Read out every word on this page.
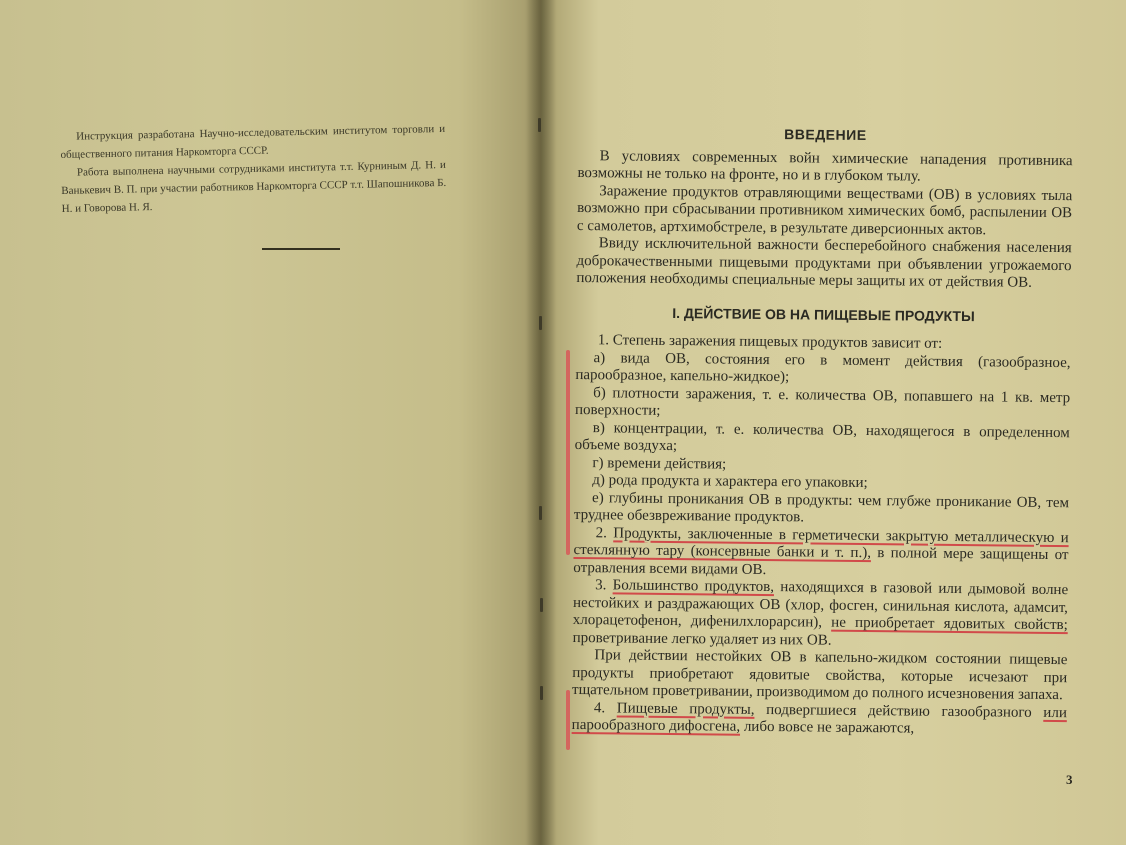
Инструкция разработана Научно-исследовательским институтом торговли и общественного питания Наркомторга СССР.

Работа выполнена научными сотрудниками института т.т. Курниным Д. Н. и Ванькевич В. П. при участии работников Наркомторга СССР т.т. Шапошникова Б. Н. и Говорова Н. Я.

ВВЕДЕНИЕ

В условиях современных войн химические нападения противника возможны не только на фронте, но и в глубоком тылу.

Заражение продуктов отравляющими веществами (ОВ) в условиях тыла возможно при сбрасывании противником химических бомб, распылении ОВ с самолетов, артхимобстреле, в результате диверсионных актов.

Ввиду исключительной важности бесперебойного снабжения населения доброкачественными пищевыми продуктами при объявлении угрожаемого положения необходимы специальные меры защиты их от действия ОВ.

I. ДЕЙСТВИЕ ОВ НА ПИЩЕВЫЕ ПРОДУКТЫ

1. Степень заражения пищевых продуктов зависит от:

а) вида ОВ, состояния его в момент действия (газообразное, парообразное, капельно-жидкое);

б) плотности заражения, т. е. количества ОВ, попавшего на 1 кв. метр поверхности;

в) концентрации, т. е. количества ОВ, находящегося в определенном объеме воздуха;

г) времени действия;

д) рода продукта и характера его упаковки;

е) глубины проникания ОВ в продукты: чем глубже проникание ОВ, тем труднее обезвреживание продуктов.

2. Продукты, заключенные в герметически закрытую металлическую и стеклянную тару (консервные банки и т. п.), в полной мере защищены от отравления всеми видами ОВ.

3. Большинство продуктов, находящихся в газовой или дымовой волне нестойких и раздражающих ОВ (хлор, фосген, синильная кислота, адамсит, хлорацетофенон, дифенилхлорарсин), не приобретает ядовитых свойств; проветривание легко удаляет из них ОВ.

При действии нестойких ОВ в капельно-жидком состоянии пищевые продукты приобретают ядовитые свойства, которые исчезают при тщательном проветривании, производимом до полного исчезновения запаха.

4. Пищевые продукты, подвергшиеся действию газообразного или парообразного дифосгена, либо вовсе не заражаются,

3
